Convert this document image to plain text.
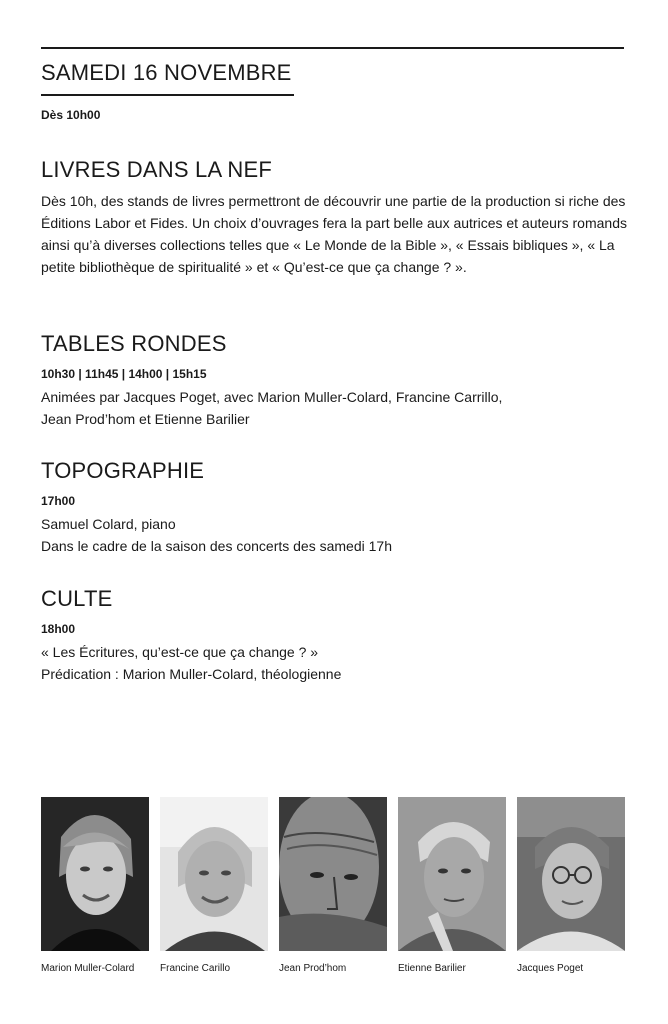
SAMEDI 16 NOVEMBRE
Dès 10h00
LIVRES DANS LA NEF

Dès 10h, des stands de livres permettront de découvrir une partie de la production si riche des Éditions Labor et Fides. Un choix d’ouvrages fera la part belle aux autrices et auteurs romands ainsi qu’à diverses collections telles que « Le Monde de la Bible », « Essais bibliques », « La petite bibliothèque de spiritualité » et « Qu’est-ce que ça change ? ».

TABLES RONDES
10h30 | 11h45 | 14h00 | 15h15
Animées par Jacques Poget, avec Marion Muller-Colard, Francine Carrillo,
Jean Prod’hom et Etienne Barilier
TOPOGRAPHIE
17h00
Samuel Colard, piano
Dans le cadre de la saison des concerts des samedi 17h
CULTE
18h00
« Les Écritures, qu’est-ce que ça change ? »
Prédication : Marion Muller-Colard, théologienne
Marion Muller-Colard	Francine Carillo	Jean Prod’hom	Etienne Barilier	Jacques Poget
